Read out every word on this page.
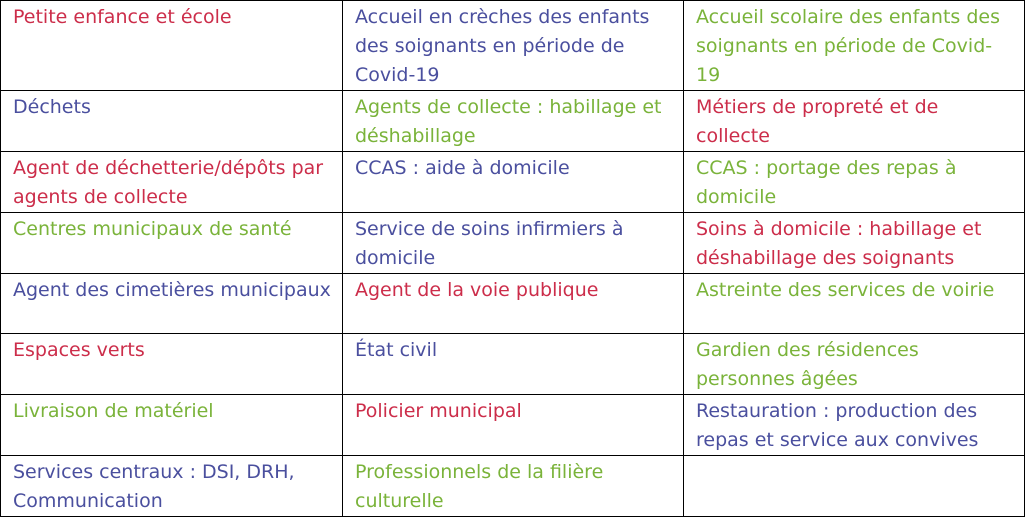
Petite enfance et école	Accueil en crèches des enfants des soignants en période de Covid-19	Accueil scolaire des enfants des soignants en période de Covid-19
Déchets	Agents de collecte : habillage et déshabillage	Métiers de propreté et de collecte
Agent de déchetterie/dépôts par agents de collecte	CCAS : aide à domicile	CCAS : portage des repas à domicile
Centres municipaux de santé	Service de soins infirmiers à domicile	Soins à domicile : habillage et déshabillage des soignants
Agent des cimetières municipaux	Agent de la voie publique	Astreinte des services de voirie
Espaces verts	État civil	Gardien des résidences personnes âgées
Livraison de matériel	Policier municipal	Restauration : production des repas et service aux convives
Services centraux : DSI, DRH, Communication	Professionnels de la filière culturelle	
